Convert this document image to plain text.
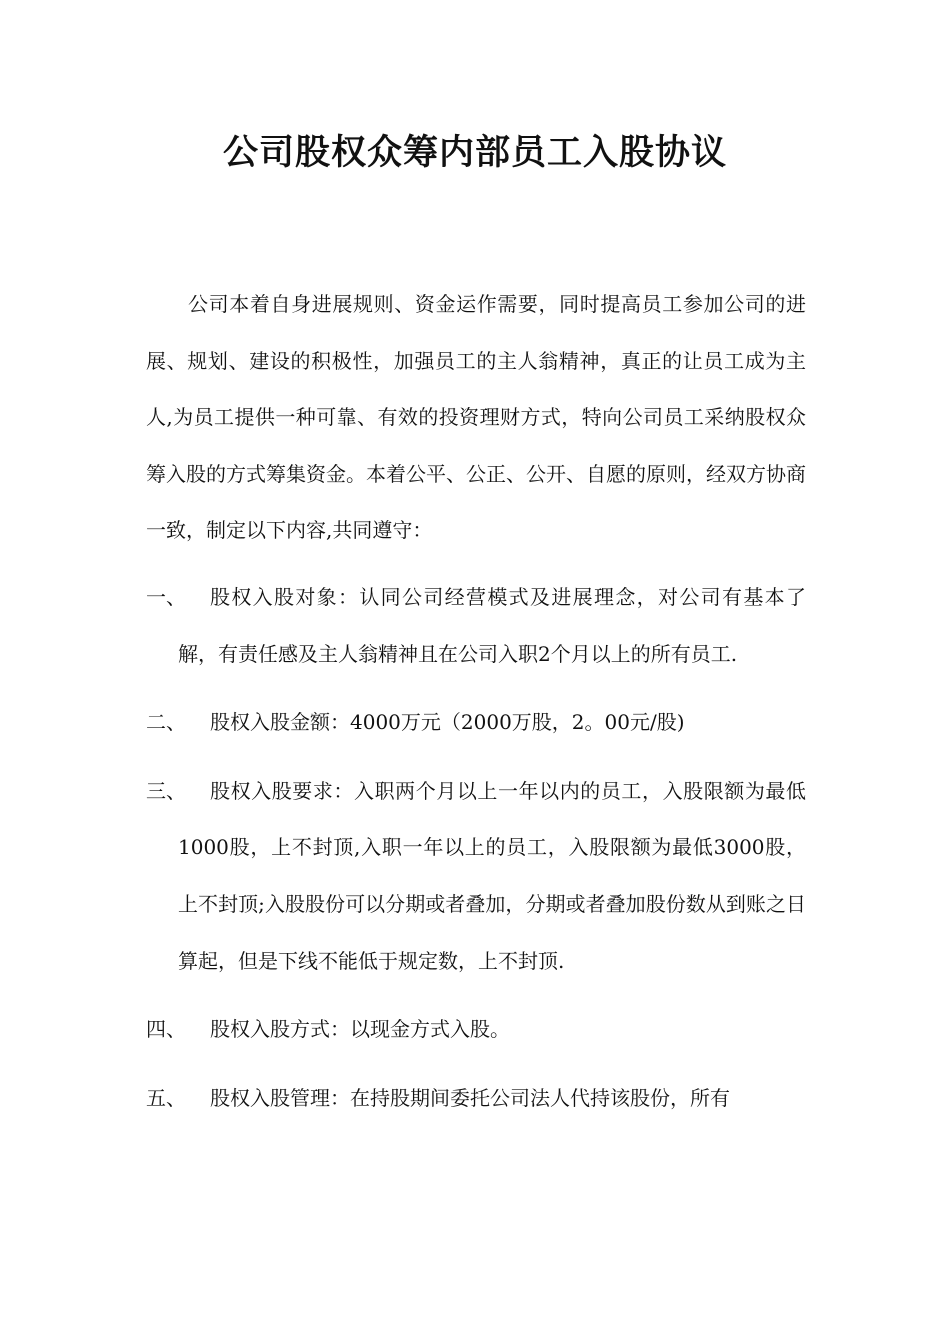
公司股权众筹内部员工入股协议
公司本着自身进展规则、资金运作需要，同时提高员工参加公司的进展、规划、建设的积极性，加强员工的主人翁精神，真正的让员工成为主人,为员工提供一种可靠、有效的投资理财方式，特向公司员工采纳股权众筹入股的方式筹集资金。本着公平、公正、公开、自愿的原则，经双方协商一致，制定以下内容,共同遵守：
一、	股权入股对象：认同公司经营模式及进展理念，对公司有基本了解，有责任感及主人翁精神且在公司入职2个月以上的所有员工.
二、	股权入股金额：4000万元（2000万股，2。00元/股)
三、	股权入股要求：入职两个月以上一年以内的员工，入股限额为最低1000股，上不封顶,入职一年以上的员工，入股限额为最低3000股，上不封顶;入股股份可以分期或者叠加，分期或者叠加股份数从到账之日算起，但是下线不能低于规定数，上不封顶.
四、	股权入股方式：以现金方式入股。
五、	股权入股管理：在持股期间委托公司法人代持该股份，所有
